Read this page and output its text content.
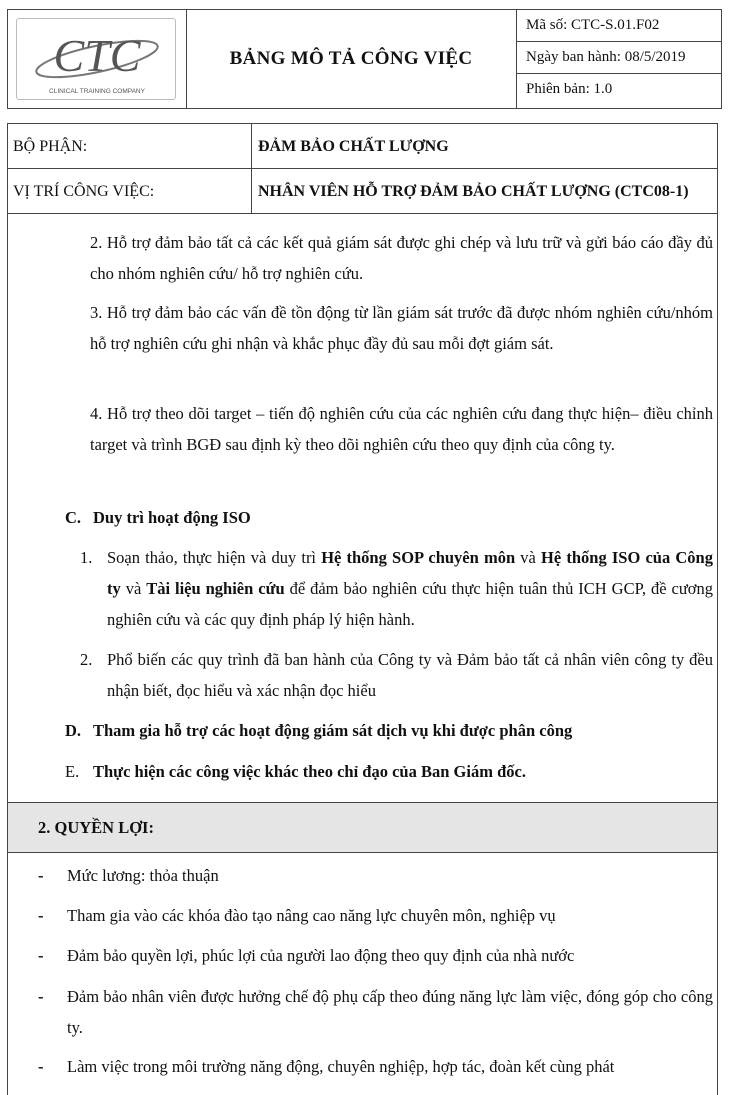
CTC
CLINICAL TRAINING COMPANY
BẢNG MÔ TẢ CÔNG VIỆC
Mã số: CTC-S.01.F02
Ngày ban hành: 08/5/2019
Phiên bản: 1.0
BỘ PHẬN:	ĐẢM BẢO CHẤT LƯỢNG
VỊ TRÍ CÔNG VIỆC:	NHÂN VIÊN HỖ TRỢ ĐẢM BẢO CHẤT LƯỢNG (CTC08-1)
2. Hỗ trợ đảm bảo tất cả các kết quả giám sát được ghi chép và lưu trữ và gửi báo cáo đầy đủ cho nhóm nghiên cứu/ hỗ trợ nghiên cứu.
3. Hỗ trợ đảm bảo các vấn đề tồn động từ lần giám sát trước đã được nhóm nghiên cứu/nhóm hỗ trợ nghiên cứu ghi nhận và khắc phục đầy đủ sau mỗi đợt giám sát.
4. Hỗ trợ theo dõi target – tiến độ nghiên cứu của các nghiên cứu đang thực hiện– điều chỉnh target và trình BGĐ sau định kỳ theo dõi nghiên cứu theo quy định của công ty.
C. Duy trì hoạt động ISO
1. Soạn thảo, thực hiện và duy trì Hệ thống SOP chuyên môn và Hệ thống ISO của Công ty và Tài liệu nghiên cứu để đảm bảo nghiên cứu thực hiện tuân thủ ICH GCP, đề cương nghiên cứu và các quy định pháp lý hiện hành.
2. Phổ biến các quy trình đã ban hành của Công ty và Đảm bảo tất cả nhân viên công ty đều nhận biết, đọc hiểu và xác nhận đọc hiểu
D. Tham gia hỗ trợ các hoạt động giám sát dịch vụ khi được phân công
E. Thực hiện các công việc khác theo chỉ đạo của Ban Giám đốc.
2. QUYỀN LỢI:
- Mức lương: thỏa thuận
- Tham gia vào các khóa đào tạo nâng cao năng lực chuyên môn, nghiệp vụ
- Đảm bảo quyền lợi, phúc lợi của người lao động theo quy định của nhà nước
- Đảm bảo nhân viên được hưởng chế độ phụ cấp theo đúng năng lực làm việc, đóng góp cho công ty.
- Làm việc trong môi trường năng động, chuyên nghiệp, hợp tác, đoàn kết cùng phát
